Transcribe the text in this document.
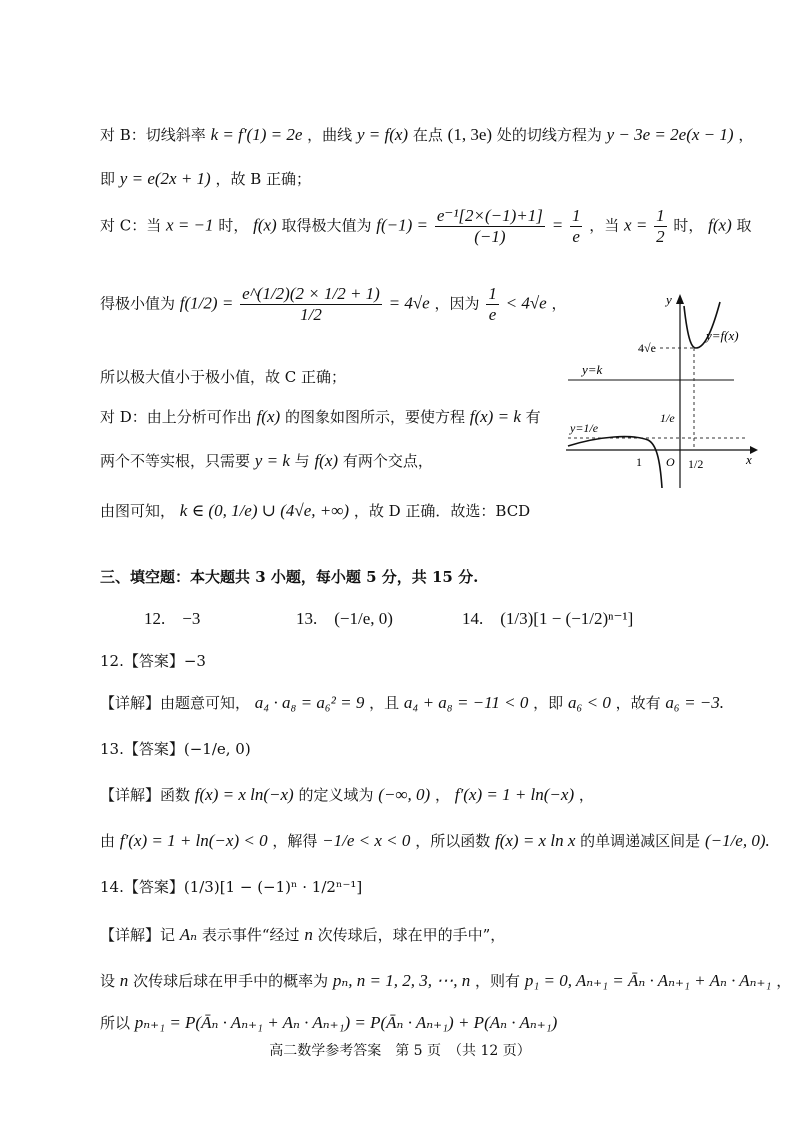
对 B：切线斜率 k = f′(1) = 2e ，曲线 y = f(x) 在点 (1, 3e) 处的切线方程为 y − 3e = 2e(x − 1) ，
即 y = e(2x + 1) ，故 B 正确；
对 C：当 x = −1 时， f(x) 取得极大值为 $f(-1) = \frac{\text{e⁻¹[2×(−1)+1]}}{(-1)} = \frac{1}{e}$ ，当 $x = \frac{1}{2}$ 时， f(x) 取
得极小值为 $f(1/2) = \frac{e\^{}(1/2)(2 \times 1/2 + 1)}{1/2} = 4√e$ ，因为 $\frac{1}{e} < 4√e$ ，
所以极大值小于极小值，故 C 正确；
对 D：由上分析可作出 f(x) 的图象如图所示，要使方程 f(x) = k 有
两个不等实根，只需要 y = k 与 f(x) 有两个交点，
由图可知， k ∈ (0, 1/e) ∪ (4√e, +∞) ，故 D 正确．故选：BCD
三、填空题：本大题共 3 小题，每小题 5 分，共 15 分.
12.　−3	13.　(−1/e, 0)	14.　(1/3)[1 − (−1/2)ⁿ⁻¹]
12.【答案】−3
【详解】由题意可知， a₄ · a₈ = a₆² = 9 ，且 a₄ + a₈ = −11 < 0 ，即 a₆ < 0 ，故有 a₆ = −3.
13.【答案】(−1/e, 0)
【详解】函数 f(x) = x ln(−x) 的定义域为 (−∞, 0) ， f′(x) = 1 + ln(−x) ，
由 f′(x) = 1 + ln(−x) < 0 ，解得 −1/e < x < 0 ，所以函数 f(x) = x ln x 的单调递减区间是 (−1/e, 0).
14.【答案】(1/3)[1 − (−1)ⁿ · 1/2ⁿ⁻¹]
【详解】记 Aₙ 表示事件“经过 n 次传球后，球在甲的手中”，
设 n 次传球后球在甲手中的概率为 pₙ, n = 1, 2, 3, ⋯, n ，则有 p₁ = 0, Aₙ₊₁ = Āₙ · Aₙ₊₁ + Aₙ · Aₙ₊₁ ，
所以 pₙ₊₁ = P(Āₙ · Aₙ₊₁ + Aₙ · Aₙ₊₁) = P(Āₙ · Aₙ₊₁) + P(Aₙ · Aₙ₊₁)
高二数学参考答案　第 5 页　（共 12 页）
y
x
y=k
y=1/e
1/e
4√e
y=f(x)
1 O 1/2
